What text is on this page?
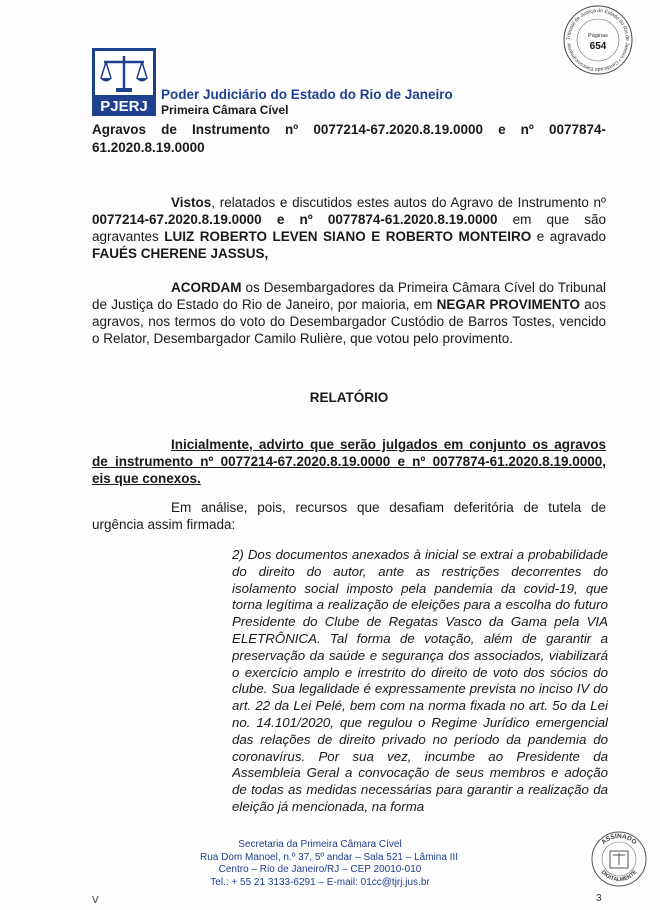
PJERJ
Poder Judiciário do Estado do Rio de Janeiro
Primeira Câmara Cível
Tribunal de Justiça do Estado do Rio de Janeiro • Certificado Eletronicamente
Páginas
654
Agravos de Instrumento nº 0077214-67.2020.8.19.0000 e nº 0077874-61.2020.8.19.0000

Vistos, relatados e discutidos estes autos do Agravo de Instrumento nº 0077214-67.2020.8.19.0000 e nº 0077874-61.2020.8.19.0000 em que são agravantes LUIZ ROBERTO LEVEN SIANO E ROBERTO MONTEIRO e agravado FAUÉS CHERENE JASSUS,

ACORDAM os Desembargadores da Primeira Câmara Cível do Tribunal de Justiça do Estado do Rio de Janeiro, por maioria, em NEGAR PROVIMENTO aos agravos, nos termos do voto do Desembargador Custódio de Barros Tostes, vencido o Relator, Desembargador Camilo Rulière, que votou pelo provimento.

RELATÓRIO

Inicialmente, advirto que serão julgados em conjunto os agravos de instrumento nº 0077214-67.2020.8.19.0000 e nº 0077874-61.2020.8.19.0000, eis que conexos.

Em análise, pois, recursos que desafiam deferitória de tutela de urgência assim firmada:

2) Dos documentos anexados à inicial se extrai a probabilidade do direito do autor, ante as restrições decorrentes do isolamento social imposto pela pandemia da covid-19, que torna legítima a realização de eleições para a escolha do futuro Presidente do Clube de Regatas Vasco da Gama pela VIA ELETRÔNICA. Tal forma de votação, além de garantir a preservação da saúde e segurança dos associados, viabilizará o exercício amplo e irrestrito do direito de voto dos sócios do clube. Sua legalidade é expressamente prevista no inciso IV do art. 22 da Lei Pelé, bem com na norma fixada no art. 5o da Lei no. 14.101/2020, que regulou o Regime Jurídico emergencial das relações de direito privado no período da pandemia do coronavírus. Por sua vez, incumbe ao Presidente da Assembleia Geral a convocação de seus membros e adoção de todas as medidas necessárias para garantir a realização da eleição já mencionada, na forma

Secretaria da Primeira Câmara Cível
Rua Dom Manoel, n.º 37, 5º andar – Sala 521 – Lâmina III
Centro – Rio de Janeiro/RJ – CEP 20010-010
Tel.: + 55 21 3133-6291 – E-mail: 01cc@tjrj.jus.br
V	3
ASSINADO
DIGITALMENTE
